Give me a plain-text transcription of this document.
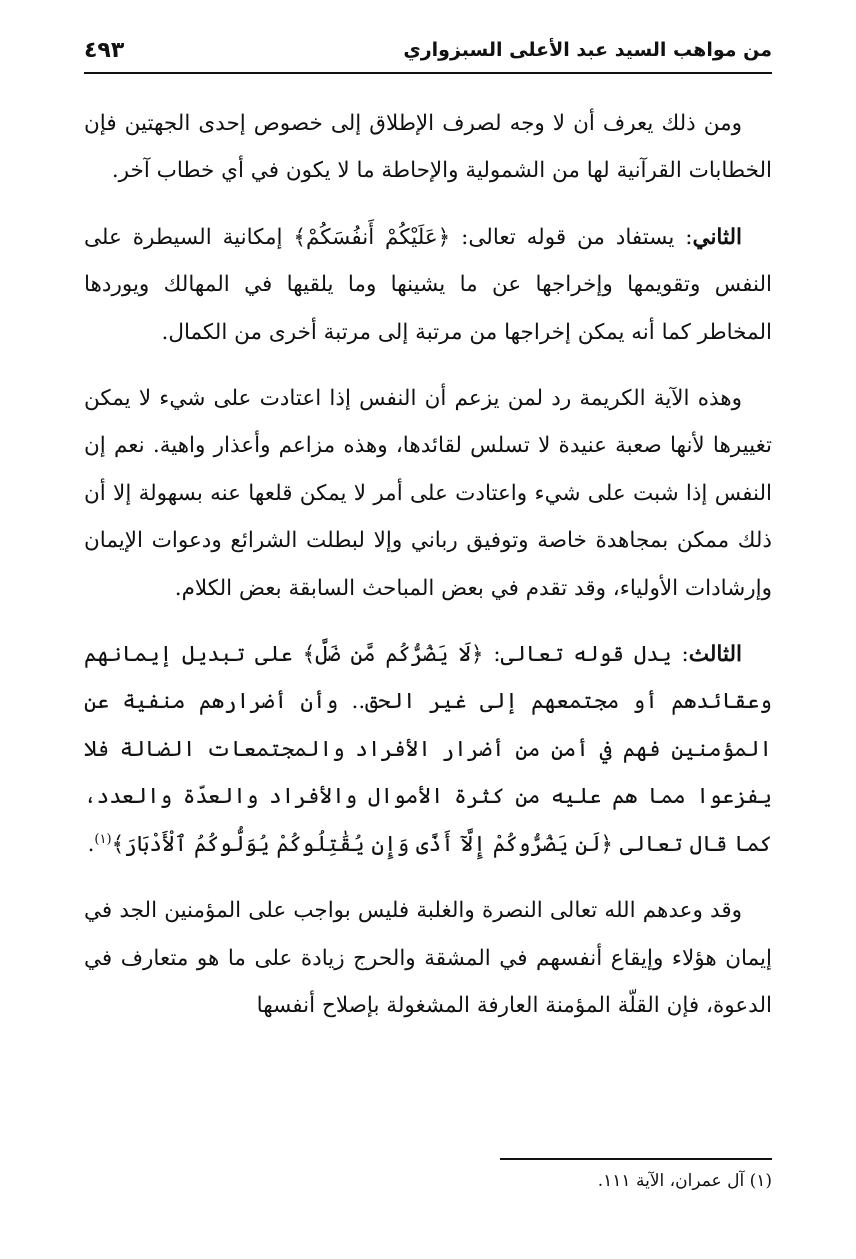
من مواهب السيد عبد الأعلى السبزواري
٤٩٣

ومن ذلك يعرف أن لا وجه لصرف الإطلاق إلى خصوص إحدى الجهتين فإن الخطابات القرآنية لها من الشمولية والإحاطة ما لا يكون في أي خطاب آخر.

الثاني: يستفاد من قوله تعالى: ﴿عَلَيْكُمْ أَنفُسَكُمْ﴾ إمكانية السيطرة على النفس وتقويمها وإخراجها عن ما يشينها وما يلقيها في المهالك ويوردها المخاطر كما أنه يمكن إخراجها من مرتبة إلى مرتبة أخرى من الكمال.

وهذه الآية الكريمة رد لمن يزعم أن النفس إذا اعتادت على شيء لا يمكن تغييرها لأنها صعبة عنيدة لا تسلس لقائدها، وهذه مزاعم وأعذار واهية. نعم إن النفس إذا شبت على شيء واعتادت على أمر لا يمكن قلعها عنه بسهولة إلا أن ذلك ممكن بمجاهدة خاصة وتوفيق رباني وإلا لبطلت الشرائع ودعوات الإيمان وإرشادات الأولياء، وقد تقدم في بعض المباحث السابقة بعض الكلام.

الثالث: يدل قوله تعالى: ﴿لَا يَضُرُّكُم مَّن ضَلَّ﴾ على تبديل إيمانهم وعقائدهم أو مجتمعهم إلى غير الحق.. وأن أضرارهم منفية عن المؤمنين فهم في أمن من أضرار الأفراد والمجتمعات الضالة فلا يفزعوا مما هم عليه من كثرة الأموال والأفراد والعدّة والعدد، كما قال تعالى ﴿لَن يَضُرُّوكُمْ إِلَّآ أَذًى وَإِن يُقَٰتِلُوكُمْ يُوَلُّوكُمُ ٱلْأَدْبَارَ﴾$^{(١)}$.

وقد وعدهم الله تعالى النصرة والغلبة فليس بواجب على المؤمنين الجد في إيمان هؤلاء وإيقاع أنفسهم في المشقة والحرج زيادة على ما هو متعارف في الدعوة، فإن القلّة المؤمنة العارفة المشغولة بإصلاح أنفسها

(١) آل عمران، الآية ١١١.
